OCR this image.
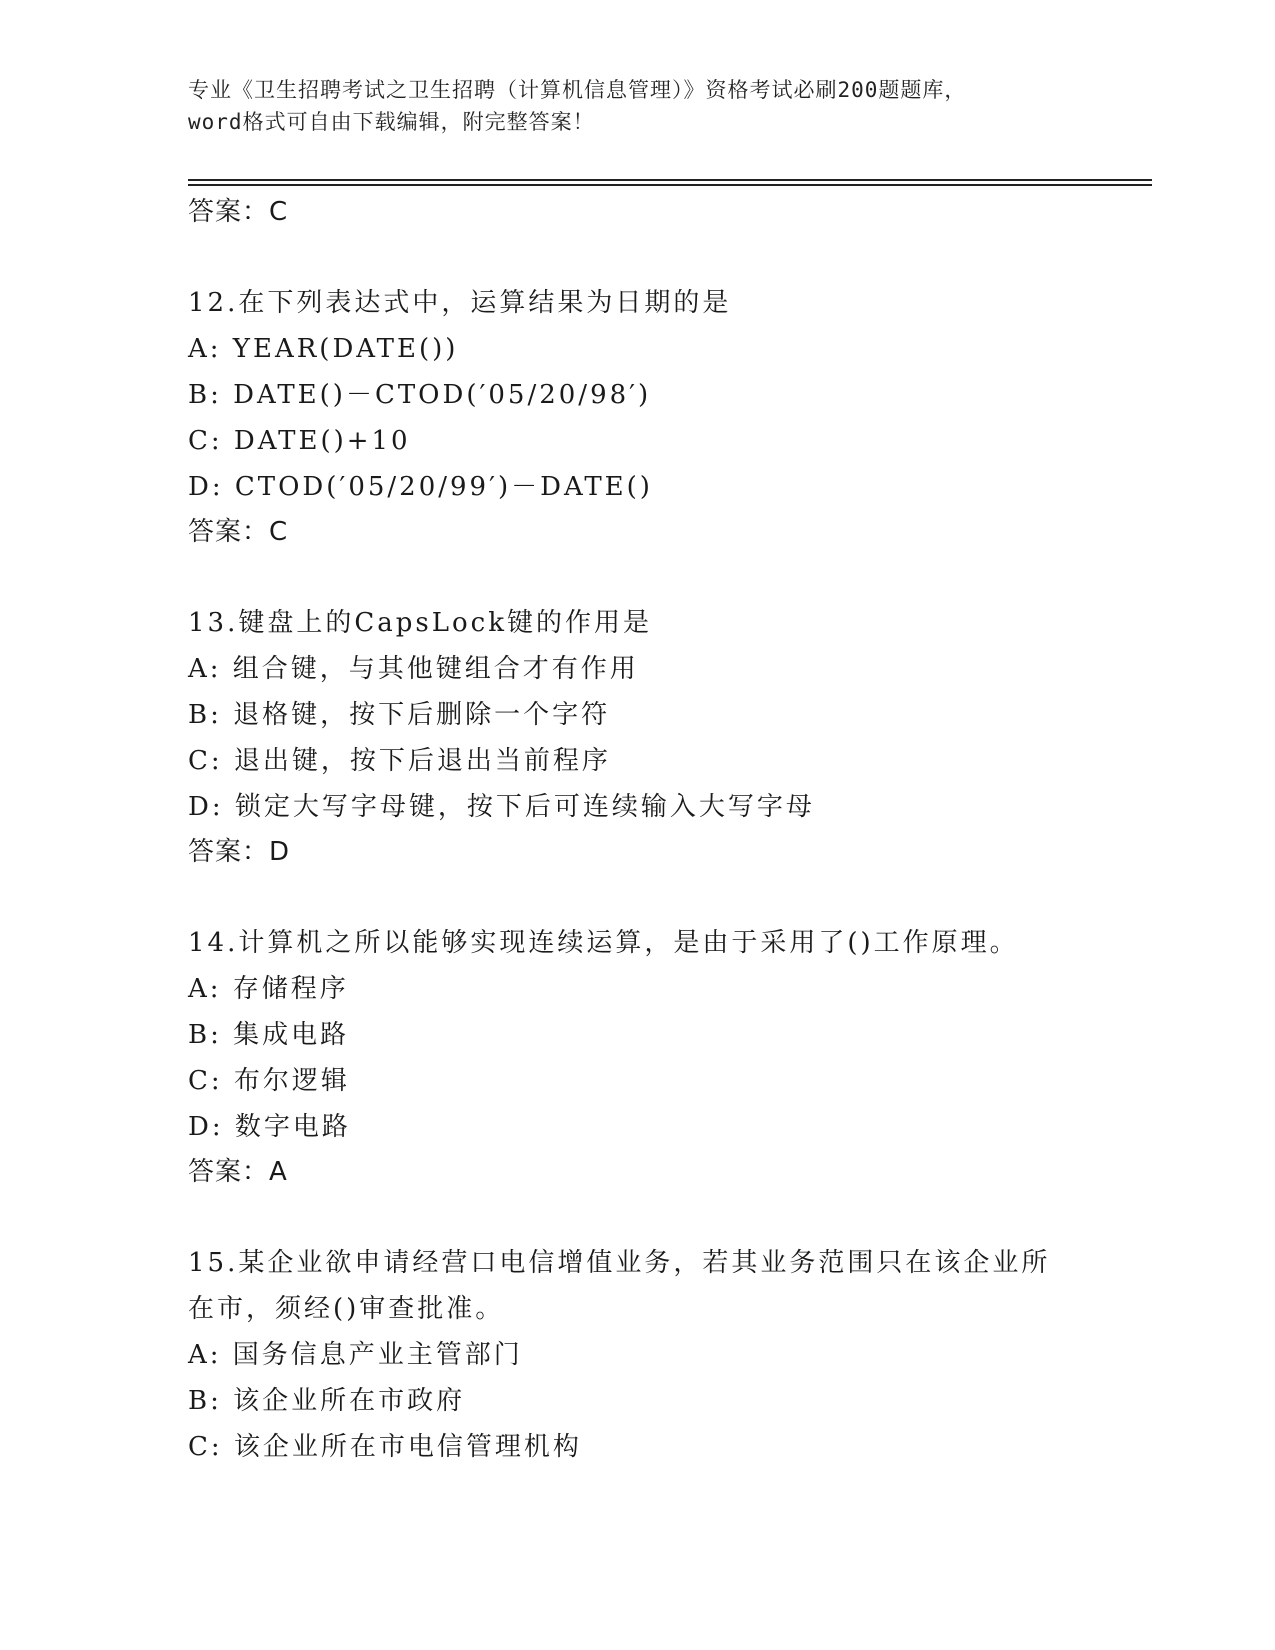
专业《卫生招聘考试之卫生招聘（计算机信息管理）》资格考试必刷200题题库，
word格式可自由下载编辑，附完整答案！
答案：C
12.在下列表达式中，运算结果为日期的是
A: YEAR(DATE())
B: DATE()－CTOD(′05/20/98′)
C: DATE()+10
D: CTOD(′05/20/99′)－DATE()
答案：C
13.键盘上的CapsLock键的作用是
A: 组合键，与其他键组合才有作用
B: 退格键，按下后删除一个字符
C: 退出键，按下后退出当前程序
D: 锁定大写字母键，按下后可连续输入大写字母
答案：D
14.计算机之所以能够实现连续运算，是由于采用了()工作原理。
A: 存储程序
B: 集成电路
C: 布尔逻辑
D: 数字电路
答案：A
15.某企业欲申请经营口电信增值业务，若其业务范围只在该企业所在市，须经()审查批准。
A: 国务信息产业主管部门
B: 该企业所在市政府
C: 该企业所在市电信管理机构
